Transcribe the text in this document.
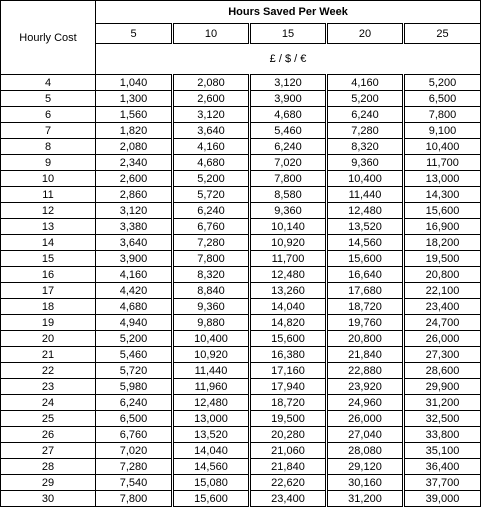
Hourly Cost	Hours Saved Per Week				
	5	10	15	20	25
	£ / $ / €				
4	1,040	2,080	3,120	4,160	5,200
5	1,300	2,600	3,900	5,200	6,500
6	1,560	3,120	4,680	6,240	7,800
7	1,820	3,640	5,460	7,280	9,100
8	2,080	4,160	6,240	8,320	10,400
9	2,340	4,680	7,020	9,360	11,700
10	2,600	5,200	7,800	10,400	13,000
11	2,860	5,720	8,580	11,440	14,300
12	3,120	6,240	9,360	12,480	15,600
13	3,380	6,760	10,140	13,520	16,900
14	3,640	7,280	10,920	14,560	18,200
15	3,900	7,800	11,700	15,600	19,500
16	4,160	8,320	12,480	16,640	20,800
17	4,420	8,840	13,260	17,680	22,100
18	4,680	9,360	14,040	18,720	23,400
19	4,940	9,880	14,820	19,760	24,700
20	5,200	10,400	15,600	20,800	26,000
21	5,460	10,920	16,380	21,840	27,300
22	5,720	11,440	17,160	22,880	28,600
23	5,980	11,960	17,940	23,920	29,900
24	6,240	12,480	18,720	24,960	31,200
25	6,500	13,000	19,500	26,000	32,500
26	6,760	13,520	20,280	27,040	33,800
27	7,020	14,040	21,060	28,080	35,100
28	7,280	14,560	21,840	29,120	36,400
29	7,540	15,080	22,620	30,160	37,700
30	7,800	15,600	23,400	31,200	39,000
